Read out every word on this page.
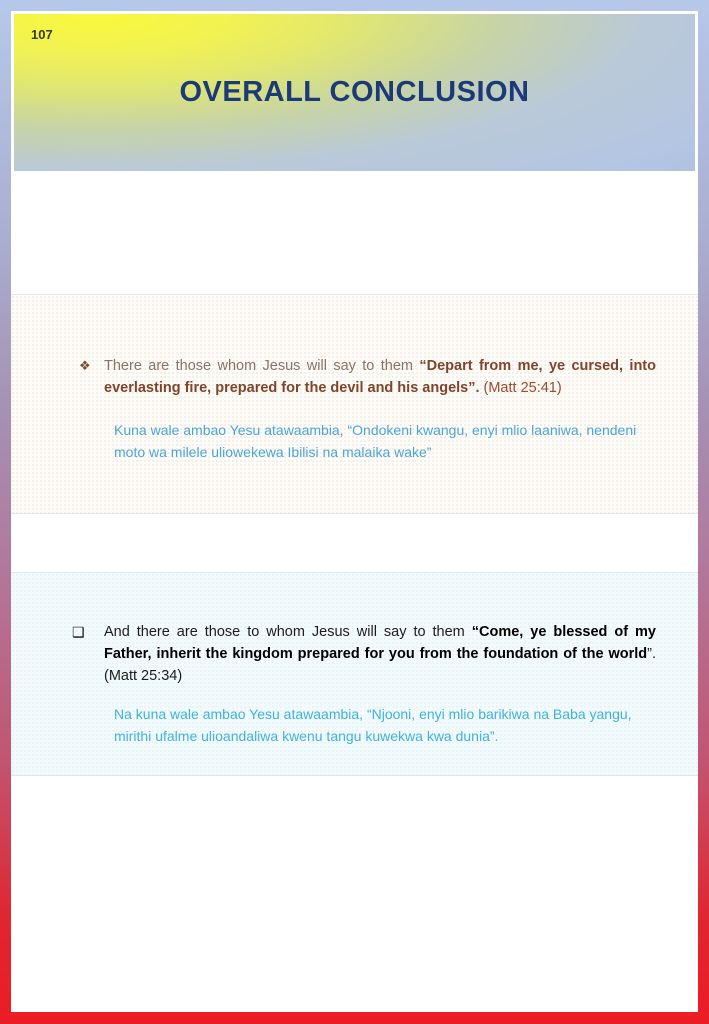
107
OVERALL CONCLUSION
❖ There are those whom Jesus will say to them “Depart from me, ye cursed, into everlasting fire, prepared for the devil and his angels”. (Matt 25:41)

Kuna wale ambao Yesu atawaambia, “Ondokeni kwangu, enyi mlio laaniwa, nendeni moto wa milele uliowekewa Ibilisi na malaika wake”

❑	And there are those to whom Jesus will say to them “Come, ye blessed of my Father, inherit the kingdom prepared for you from the foundation of the world”. (Matt 25:34)

Na kuna wale ambao Yesu atawaambia, “Njooni, enyi mlio barikiwa na Baba yangu, mirithi ufalme ulioandaliwa kwenu tangu kuwekwa kwa dunia”.
